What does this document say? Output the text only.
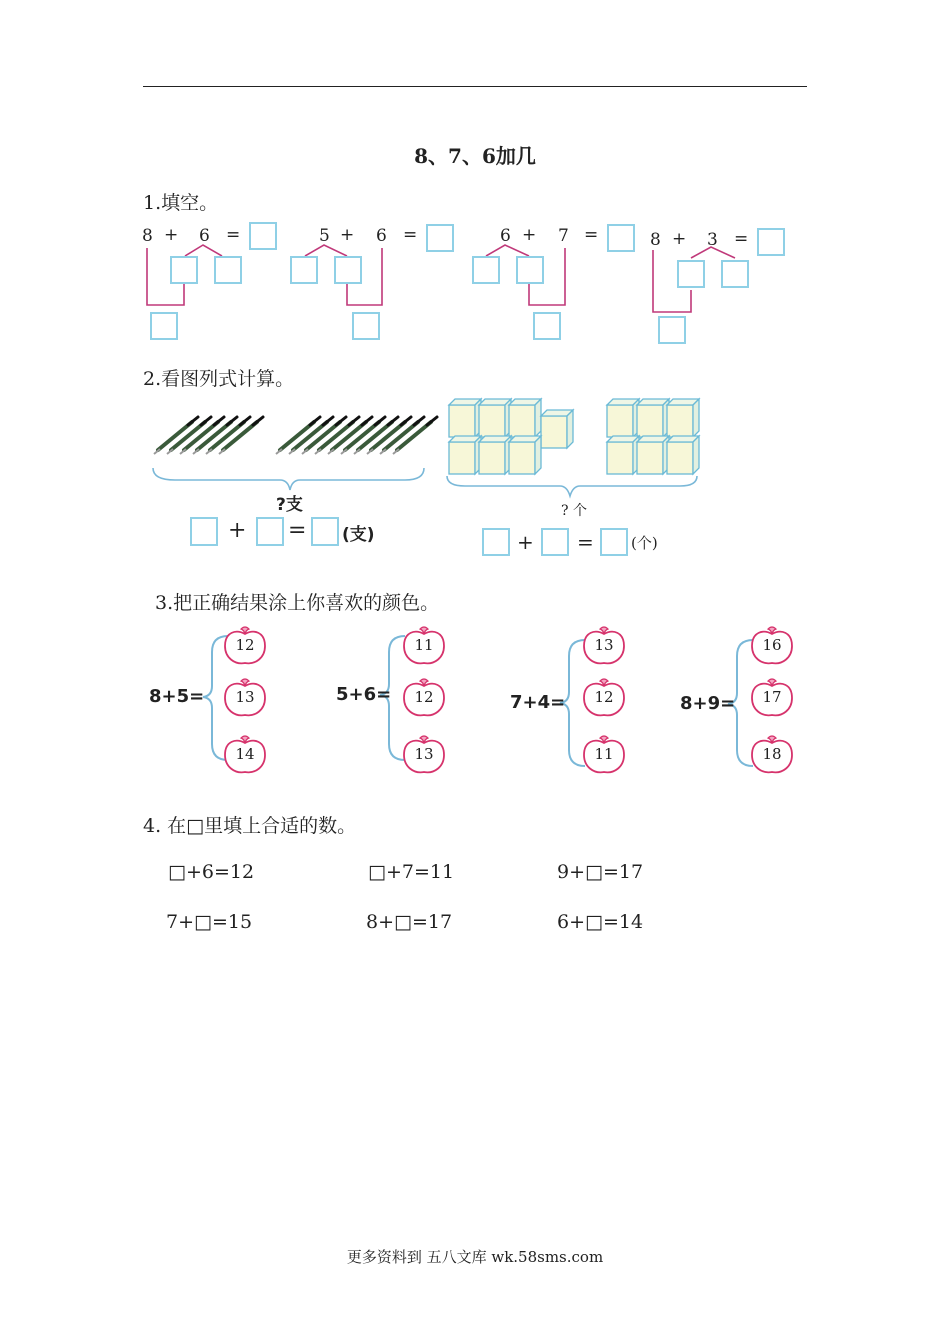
8、7、6加几
1.填空。
8 + 6 =	5 + 6 =	6 + 7 =	8 + 3 =
2.看图列式计算。
?支
+ = (支)
? 个
+ = (个)
3.把正确结果涂上你喜欢的颜色。
8+5=
12
13
14
5+6=
11
12
13
7+4=
13
12
11
8+9=
16
17
18
4. 在□里填上合适的数。
□+6=12	□+7=11	9+□=17
7+□=15	8+□=17	6+□=14
更多资料到 五八文库 wk.58sms.com
